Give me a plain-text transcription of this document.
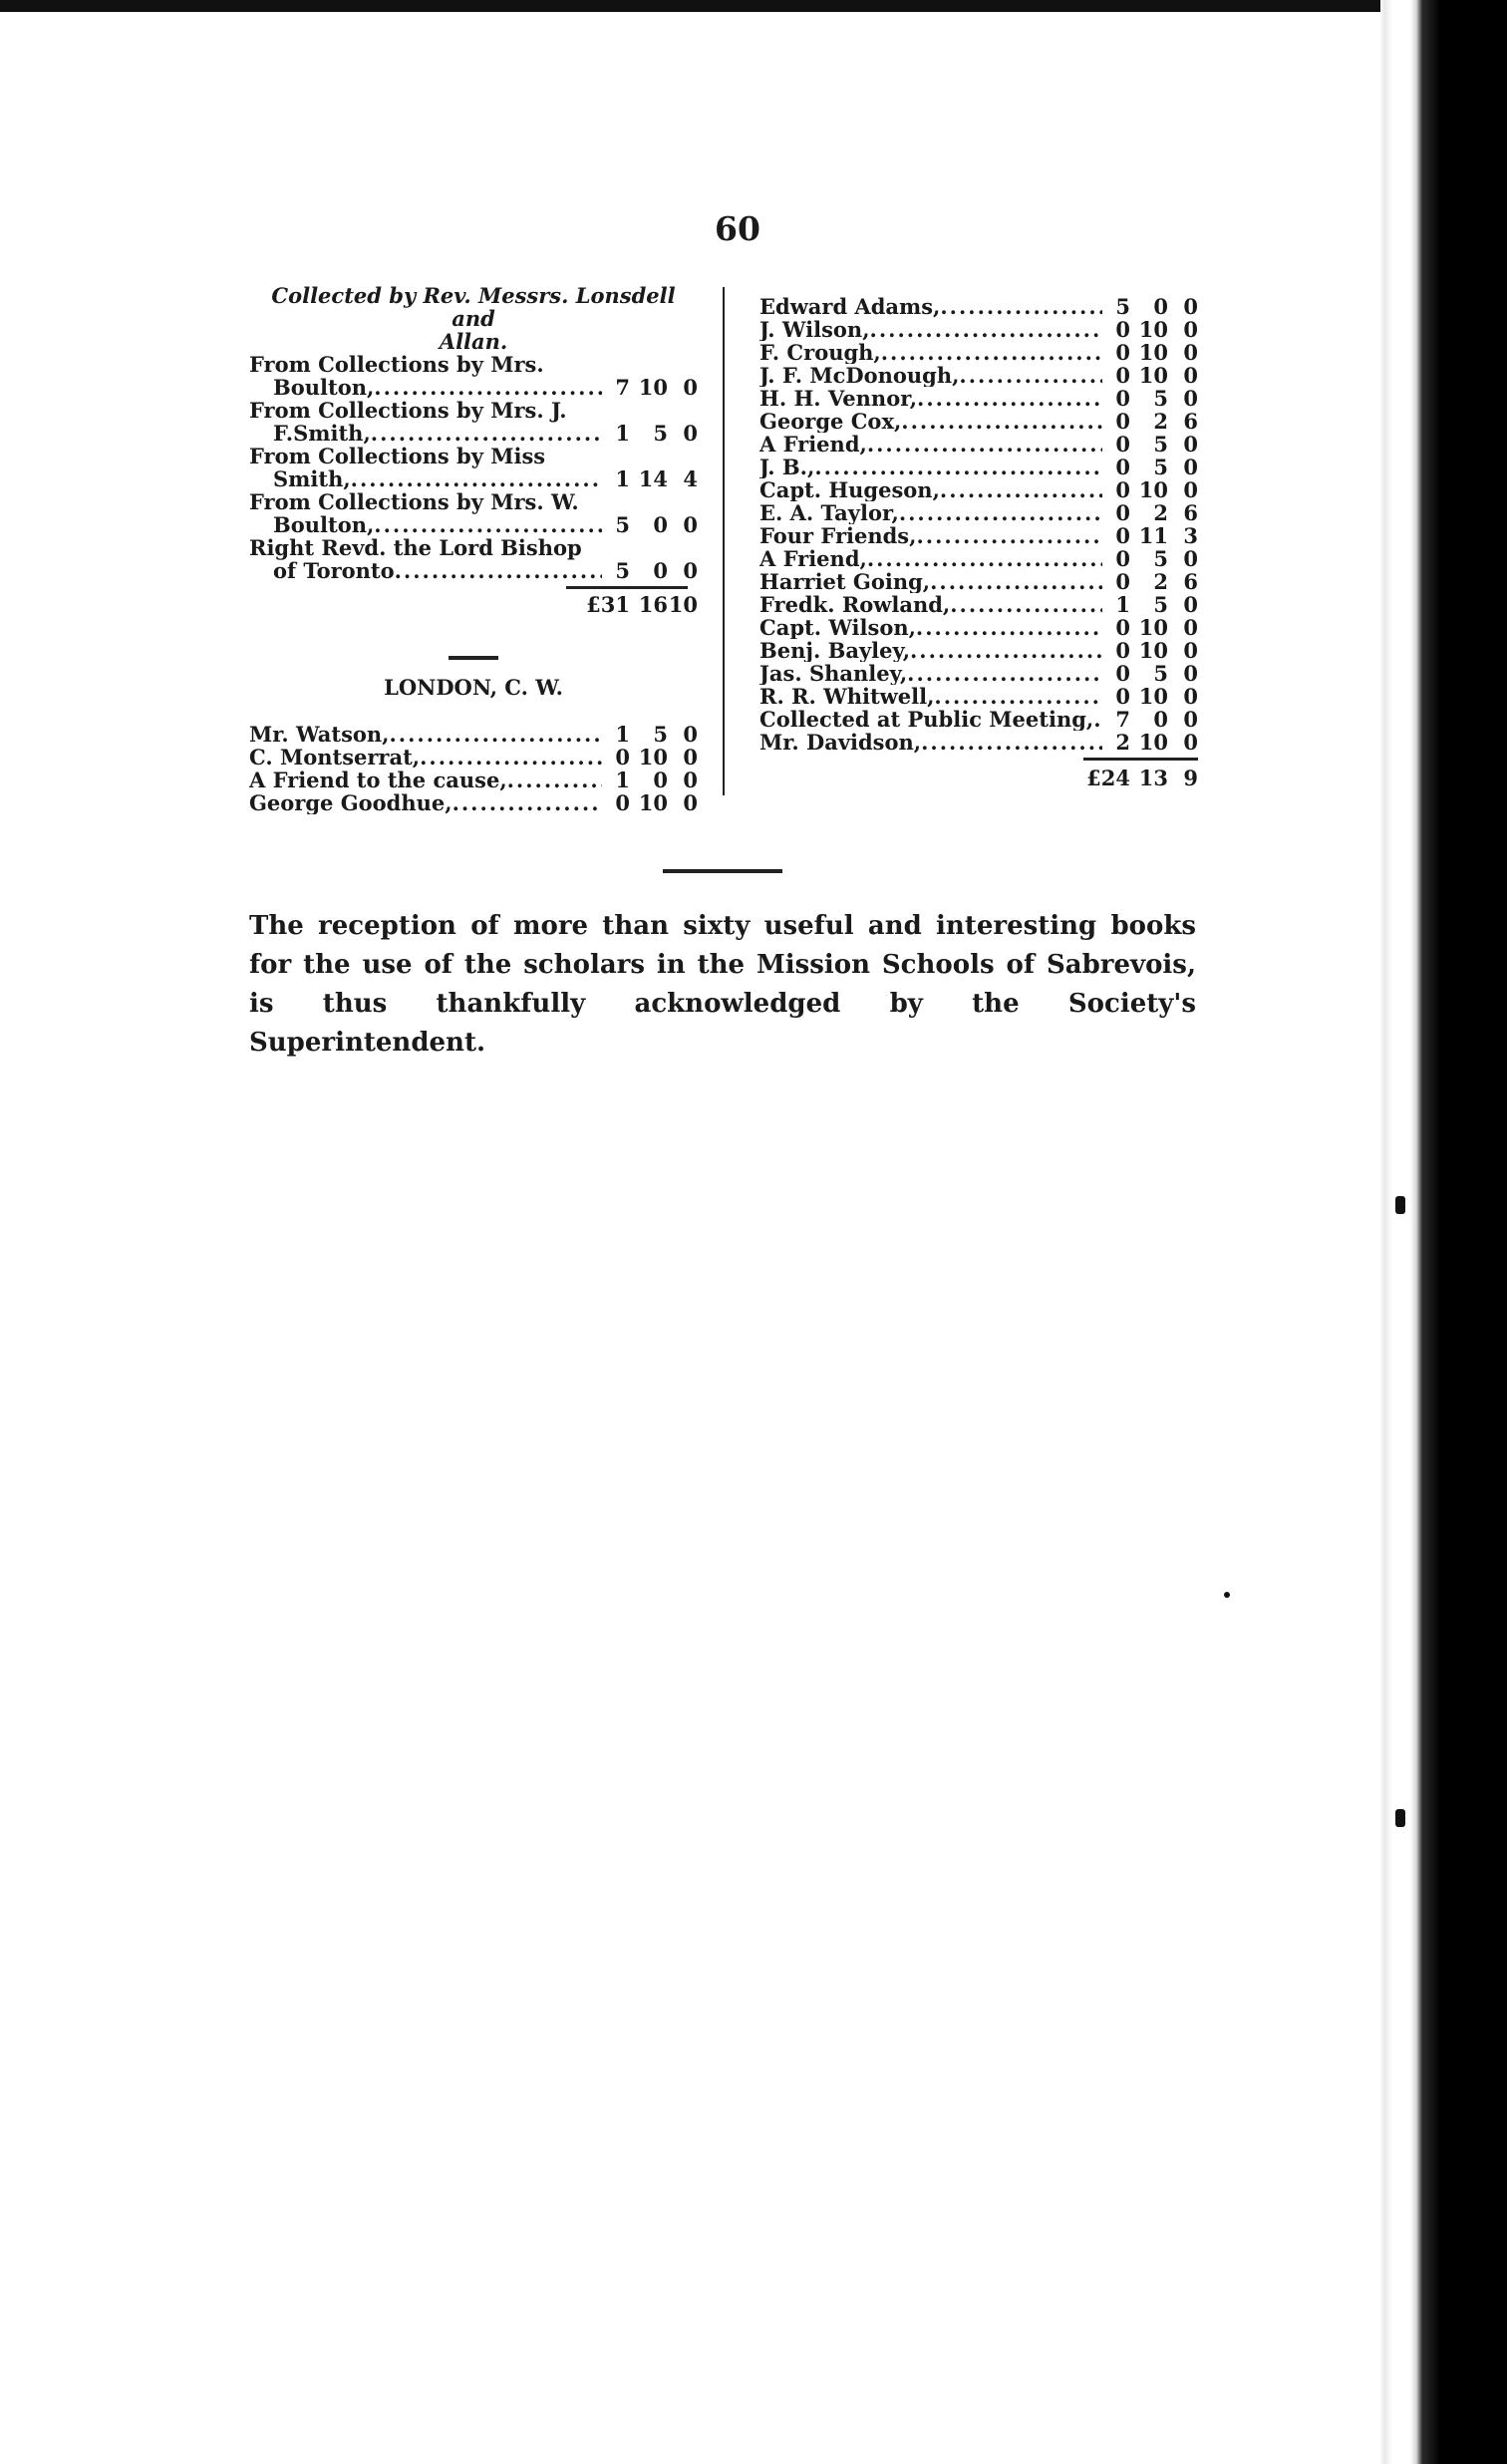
60
Collected by Rev. Messrs. Lonsdell and
Allan.
From Collections by Mrs.
Boulton, .....	7 10 0
From Collections by Mrs. J.
F.Smith, .....	1	5 0
From Collections by Miss
Smith, .....	1 14 4
From Collections by Mrs. W.
Boulton, .....	5	0 0
Right Revd. the Lord Bishop
of Toronto .....	5	0 0
£31 16 10
LONDON, C. W.
Mr. Watson, .....	1	5 0
C. Montserrat, .....	0 10 0
A Friend to the cause, .....	1	0 0
George Goodhue, .....	0 10 0
Edward Adams, .....	5	0 0
J. Wilson, .....	0 10 0
F. Crough, .....	0 10 0
J. F. McDonough, .....	0 10 0
H. H. Vennor, .....	0	5 0
George Cox, .....	0	2 6
A Friend, .....	0	5 0
J. B., .....	0	5 0
Capt. Hugeson, .....	0 10 0
E. A. Taylor, .....	0	2 6
Four Friends, .....	0 11 3
A Friend, .....	0	5 0
Harriet Going, .....	0	2 6
Fredk. Rowland, .....	1	5 0
Capt. Wilson, .....	0 10 0
Benj. Bayley, .....	0 10 0
Jas. Shanley, .....	0	5 0
R. R. Whitwell, .....	0 10 0
Collected at Public Meeting,. ..... 7	0 0
Mr. Davidson, .....	2 10 0
£24 13 9
The reception of more than sixty useful and interesting books for the use of the scholars in the Mission Schools of Sabrevois, is thus thankfully acknowledged by the Society's Superintendent.
